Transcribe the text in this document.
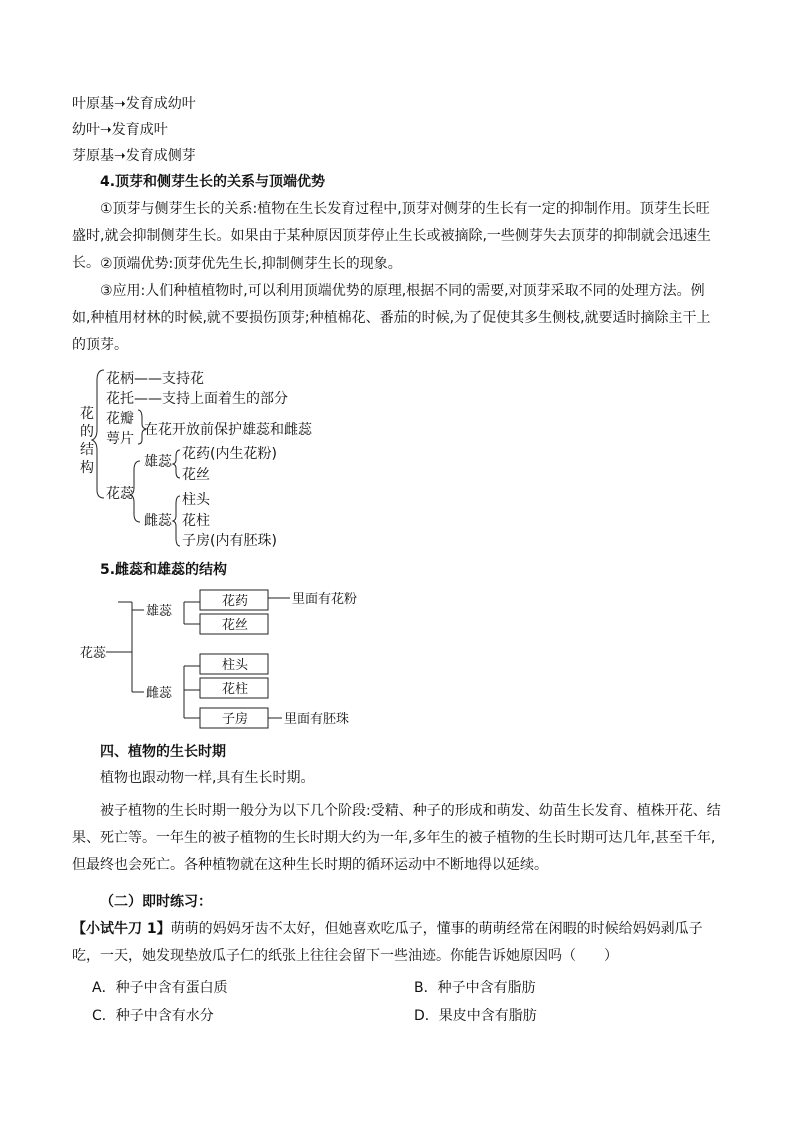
叶原基➝发育成幼叶
幼叶➝发育成叶
芽原基➝发育成侧芽
4.顶芽和侧芽生长的关系与顶端优势
①顶芽与侧芽生长的关系:植物在生长发育过程中,顶芽对侧芽的生长有一定的抑制作用。顶芽生长旺盛时,就会抑制侧芽生长。如果由于某种原因顶芽停止生长或被摘除,一些侧芽失去顶芽的抑制就会迅速生长。 ②顶端优势:顶芽优先生长,抑制侧芽生长的现象。
③应用:人们种植植物时,可以利用顶端优势的原理,根据不同的需要,对顶芽采取不同的处理方法。例如,种植用材林的时候,就不要损伤顶芽;种植棉花、番茄的时候,为了促使其多生侧枝,就要适时摘除主干上的顶芽。
花
的
结
构
花柄——支持花
花托——支持上面着生的部分
花瓣
萼片
在花开放前保护雄蕊和雌蕊
花蕊
雄蕊 花药(内生花粉)
花丝
雌蕊
柱头
花柱
子房(内有胚珠)
5.雌蕊和雄蕊的结构
花蕊
雄蕊
雌蕊
花药
花丝
柱头
花柱
子房
里面有花粉
里面有胚珠
四、植物的生长时期
植物也跟动物一样,具有生长时期。
被子植物的生长时期一般分为以下几个阶段:受精、种子的形成和萌发、幼苗生长发育、植株开花、结果、死亡等。一年生的被子植物的生长时期大约为一年,多年生的被子植物的生长时期可达几年,甚至千年,但最终也会死亡。各种植物就在这种生长时期的循环运动中不断地得以延续。
（二）即时练习：
【小试牛刀 1】萌萌的妈妈牙齿不太好，但她喜欢吃瓜子，懂事的萌萌经常在闲暇的时候给妈妈剥瓜子吃，一天，她发现垫放瓜子仁的纸张上往往会留下一些油迹。你能告诉她原因吗（　　）
A．种子中含有蛋白质	B．种子中含有脂肪
C．种子中含有水分	D．果皮中含有脂肪
